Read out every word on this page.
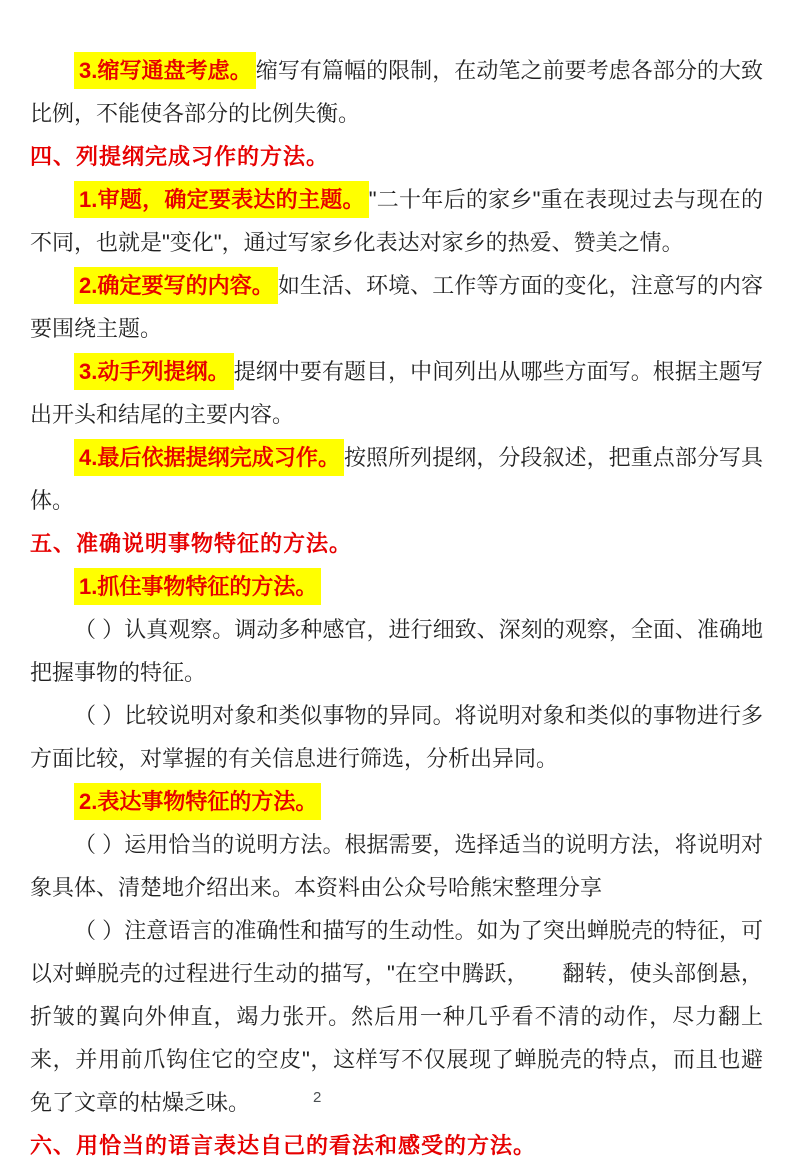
3.缩写通盘考虑。 缩写有篇幅的限制，在动笔之前要考虑各部分的大致比例，不能使各部分的比例失衡。

四、列提纲完成习作的方法。

1.审题，确定要表达的主题。 "二十年后的家乡"重在表现过去与现在的不同，也就是"变化"，通过写家乡化表达对家乡的热爱、赞美之情。

2.确定要写的内容。 如生活、环境、工作等方面的变化，注意写的内容要围绕主题。

3.动手列提纲。 提纲中要有题目，中间列出从哪些方面写。根据主题写出开头和结尾的主要内容。

4.最后依据提纲完成习作。 按照所列提纲，分段叙述，把重点部分写具体。

五、准确说明事物特征的方法。

1.抓住事物特征的方法。

（ ）认真观察。调动多种感官，进行细致、深刻的观察，全面、准确地把握事物的特征。

（ ）比较说明对象和类似事物的异同。将说明对象和类似的事物进行多方面比较，对掌握的有关信息进行筛选，分析出异同。

2.表达事物特征的方法。

（ ）运用恰当的说明方法。根据需要，选择适当的说明方法，将说明对象具体、清楚地介绍出来。本资料由公众号哈熊宋整理分享

（ ）注意语言的准确性和描写的生动性。如为了突出蝉脱壳的特征，可以对蝉脱壳的过程进行生动的描写，"在空中腾跃，　　翻转，使头部倒悬，折皱的翼向外伸直，竭力张开。然后用一种几乎看不清的动作，尽力翻上来，并用前爪钩住它的空皮"，这样写不仅展现了蝉脱壳的特点，而且也避免了文章的枯燥乏味。

六、用恰当的语言表达自己的看法和感受的方法。

2
